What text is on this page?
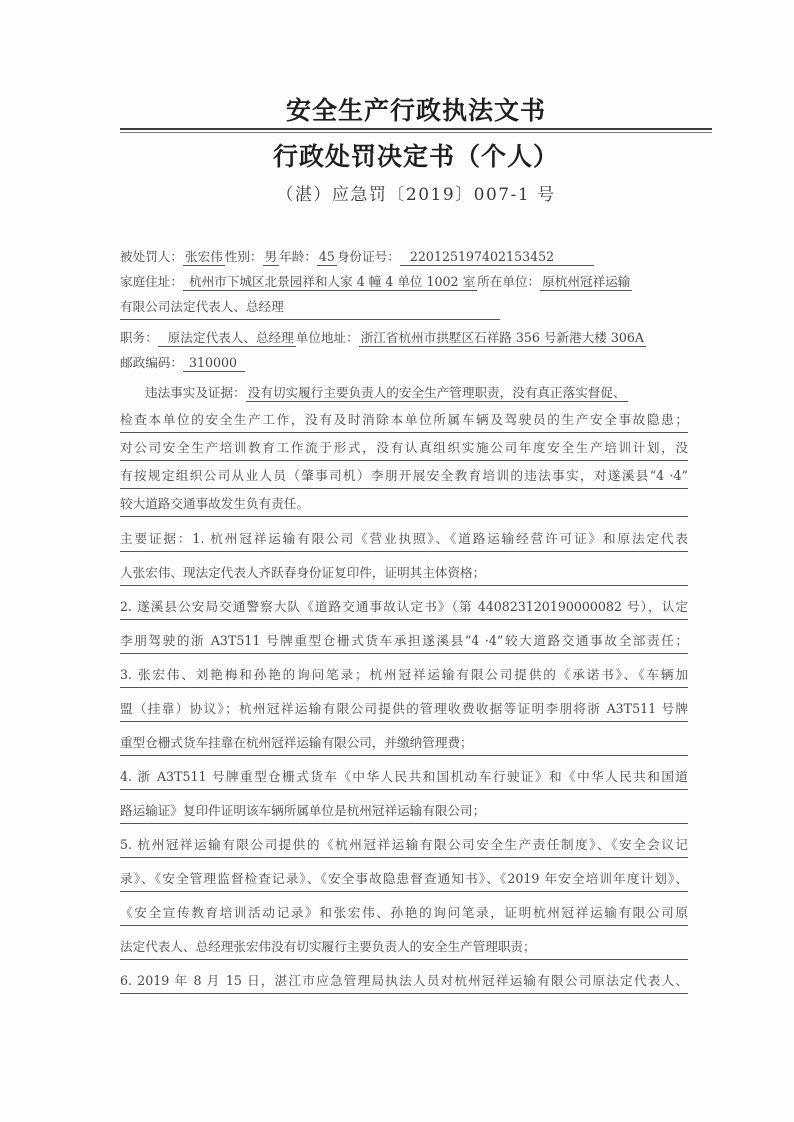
安全生产行政执法文书
行政处罚决定书（个人）
（湛）应急罚〔2019〕007-1 号
被处罚人： 张宏伟 性别： 男 年龄： 45 身份证号： 220125197402153452
家庭住址： 杭州市下城区北景园祥和人家 4 幢 4 单位 1002 室 所在单位： 原杭州冠祥运输
有限公司法定代表人、总经理
职务： 原法定代表人、总经理 单位地址： 浙江省杭州市拱墅区石祥路 356 号新港大楼 306A
邮政编码： 310000
违法事实及证据： 没有切实履行主要负责人的安全生产管理职责，没有真正落实督促、
检查本单位的安全生产工作，没有及时消除本单位所属车辆及驾驶员的生产安全事故隐患；
对公司安全生产培训教育工作流于形式，没有认真组织实施公司年度安全生产培训计划，没
有按规定组织公司从业人员（肇事司机）李朋开展安全教育培训的违法事实，对遂溪县“4 ·4”
较大道路交通事故发生负有责任。
主要证据：1. 杭州冠祥运输有限公司《营业执照》、《道路运输经营许可证》和原法定代表
人张宏伟、现法定代表人齐跃春身份证复印件，证明其主体资格；
2. 遂溪县公安局交通警察大队《道路交通事故认定书》（第 440823120190000082 号），认定
李朋驾驶的浙 A3T511 号牌重型仓栅式货车承担遂溪县“4 ·4”较大道路交通事故全部责任；
3. 张宏伟、刘艳梅和孙艳的询问笔录；杭州冠祥运输有限公司提供的《承诺书》、《车辆加
盟（挂靠）协议》；杭州冠祥运输有限公司提供的管理收费收据等证明李朋将浙 A3T511 号牌
重型仓栅式货车挂靠在杭州冠祥运输有限公司，并缴纳管理费；
4. 浙 A3T511 号牌重型仓栅式货车《中华人民共和国机动车行驶证》和《中华人民共和国道
路运输证》复印件证明该车辆所属单位是杭州冠祥运输有限公司；
5. 杭州冠祥运输有限公司提供的《杭州冠祥运输有限公司安全生产责任制度》、《安全会议记
录》、《安全管理监督检查记录》、《安全事故隐患督查通知书》、《2019 年安全培训年度计划》、
《安全宣传教育培训活动记录》和张宏伟、孙艳的询问笔录，证明杭州冠祥运输有限公司原
法定代表人、总经理张宏伟没有切实履行主要负责人的安全生产管理职责；
6. 2019 年 8 月 15 日，湛江市应急管理局执法人员对杭州冠祥运输有限公司原法定代表人、
